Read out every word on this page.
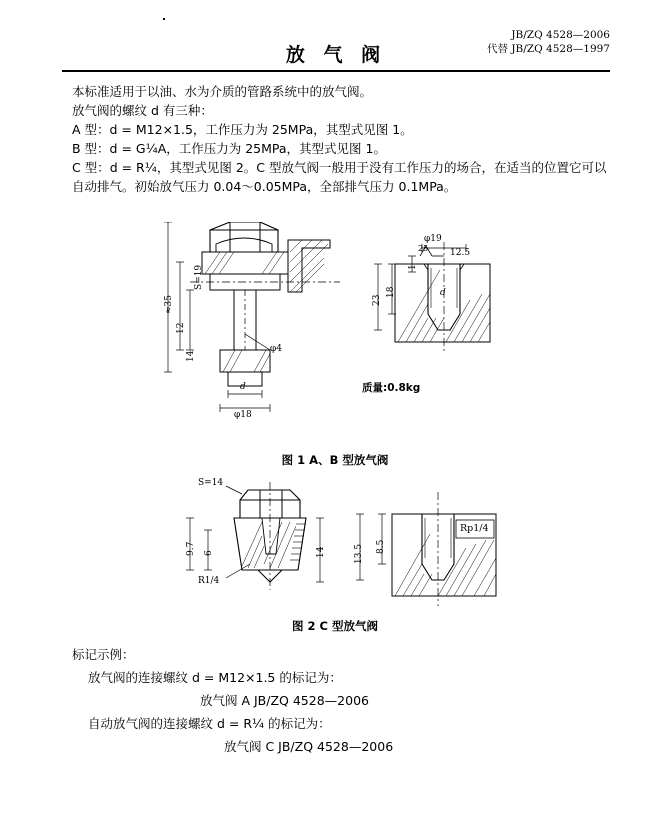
JB/ZQ 4528—2006
代替 JB/ZQ 4528—1997
放 气 阀
本标准适用于以油、水为介质的管路系统中的放气阀。
放气阀的螺纹 d 有三种：
A 型：d = M12×1.5，工作压力为 25MPa，其型式见图 1。
B 型：d = G¼A，工作压力为 25MPa，其型式见图 1。
C 型：d = R¼，其型式见图 2。C 型放气阀一般用于没有工作压力的场合，在适当的位置它可以自动排气。初始放气压力 0.04～0.05MPa，全部排气压力 0.1MPa。
≈35
S=19
12
14
φ4
d
φ18
φ19
25 12.5
1
18
23
d
质量:0.8kg
图 1 A、B 型放气阀
S=14
9.7 6	14
R1/4
13.5 8.5
Rp1/4
图 2 C 型放气阀
标记示例：
放气阀的连接螺纹 d = M12×1.5 的标记为：
放气阀 A JB/ZQ 4528—2006
自动放气阀的连接螺纹 d = R¼ 的标记为：
放气阀 C JB/ZQ 4528—2006
